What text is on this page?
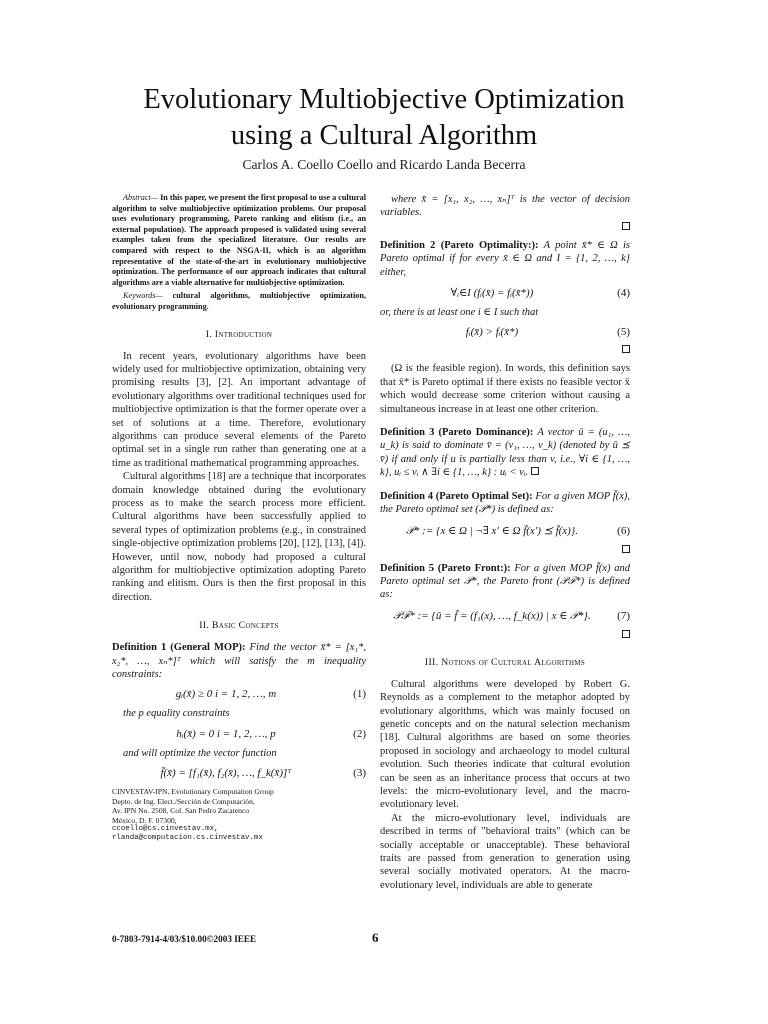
Evolutionary Multiobjective Optimization
using a Cultural Algorithm
Carlos A. Coello Coello and Ricardo Landa Becerra

Abstract— In this paper, we present the first proposal to use a cultural algorithm to solve multiobjective optimization problems. Our proposal uses evolutionary programming, Pareto ranking and elitism (i.e., an external population). The approach proposed is validated using several examples taken from the specialized literature. Our results are compared with respect to the NSGA-II, which is an algorithm representative of the state-of-the-art in evolutionary multiobjective optimization. The performance of our approach indicates that cultural algorithms are a viable alternative for multiobjective optimization.

Keywords— cultural algorithms, multiobjective optimization, evolutionary programming.

I. Introduction

In recent years, evolutionary algorithms have been widely used for multiobjective optimization, obtaining very promising results [3], [2]. An important advantage of evolutionary algorithms over traditional techniques used for multiobjective optimization is that the former operate over a set of solutions at a time. Therefore, evolutionary algorithms can produce several elements of the Pareto optimal set in a single run rather than generating one at a time as traditional mathematical programming approaches.

Cultural algorithms [18] are a technique that incorporates domain knowledge obtained during the evolutionary process as to make the search process more efficient. Cultural algorithms have been successfully applied to several types of optimization problems (e.g., in constrained single-objective optimization problems [20], [12], [13], [4]). However, until now, nobody had proposed a cultural algorithm for multiobjective optimization adopting Pareto ranking and elitism. Ours is then the first proposal in this direction.

II. Basic Concepts

Definition 1 (General MOP): Find the vector x̄* = [x₁*, x₂*, …, xₙ*]ᵀ which will satisfy the m inequality constraints:

gᵢ(x̄) ≥ 0 i = 1, 2, …, m	(1)

the p equality constraints

hᵢ(x̄) = 0 i = 1, 2, …, p	(2)

and will optimize the vector function

f̄(x̄) = [f₁(x̄), f₂(x̄), …, f_k(x̄)]ᵀ	(3)
CINVESTAV-IPN, Evolutionary Computation Group
Depto. de Ing. Elect./Sección de Computación,
Av. IPN No. 2508, Col. San Pedro Zacatenco
México, D. F. 07300,
ccoello@cs.cinvestav.mx,
rlanda@computacion.cs.cinvestav.mx

where x̄ = [x₁, x₂, …, xₙ]ᵀ is the vector of decision variables.

Definition 2 (Pareto Optimality:): A point x̄* ∈ Ω is Pareto optimal if for every x̄ ∈ Ω and I = {1, 2, …, k} either,

∀ᵢ∈I (fᵢ(x̄) = fᵢ(x̄*))	(4)

or, there is at least one i ∈ I such that

fᵢ(x̄) > fᵢ(x̄*)	(5)

(Ω is the feasible region). In words, this definition says that x̄* is Pareto optimal if there exists no feasible vector x̄ which would decrease some criterion without causing a simultaneous increase in at least one other criterion.

Definition 3 (Pareto Dominance): A vector ū = (u₁, …, u_k) is said to dominate v̄ = (v₁, …, v_k) (denoted by ū ⪯ v̄) if and only if u is partially less than v, i.e., ∀i ∈ {1, …, k}, uᵢ ≤ vᵢ ∧ ∃i ∈ {1, …, k} : uᵢ < vᵢ.

Definition 4 (Pareto Optimal Set): For a given MOP f̄(x), the Pareto optimal set (𝒫*) is defined as:

𝒫* := {x ∈ Ω | ¬∃ x′ ∈ Ω f̄(x′) ⪯ f̄(x)}.	(6)

Definition 5 (Pareto Front:): For a given MOP f̄(x) and Pareto optimal set 𝒫*, the Pareto front (𝒫ℱ*) is defined as:

𝒫ℱ* := {ū = f̄ = (f₁(x), …, f_k(x)) | x ∈ 𝒫*}.	(7)
III. Notions of Cultural Algorithms

Cultural algorithms were developed by Robert G. Reynolds as a complement to the metaphor adopted by evolutionary algorithms, which was mainly focused on genetic concepts and on the natural selection mechanism [18]. Cultural algorithms are based on some theories proposed in sociology and archaeology to model cultural evolution. Such theories indicate that cultural evolution can be seen as an inheritance process that occurs at two levels: the micro-evolutionary level, and the macro-evolutionary level.

At the micro-evolutionary level, individuals are described in terms of "behavioral traits" (which can be socially acceptable or unacceptable). These behavioral traits are passed from generation to generation using several socially motivated operators. At the macro-evolutionary level, individuals are able to generate

0-7803-7914-4/03/$10.00©2003 IEEE	6
